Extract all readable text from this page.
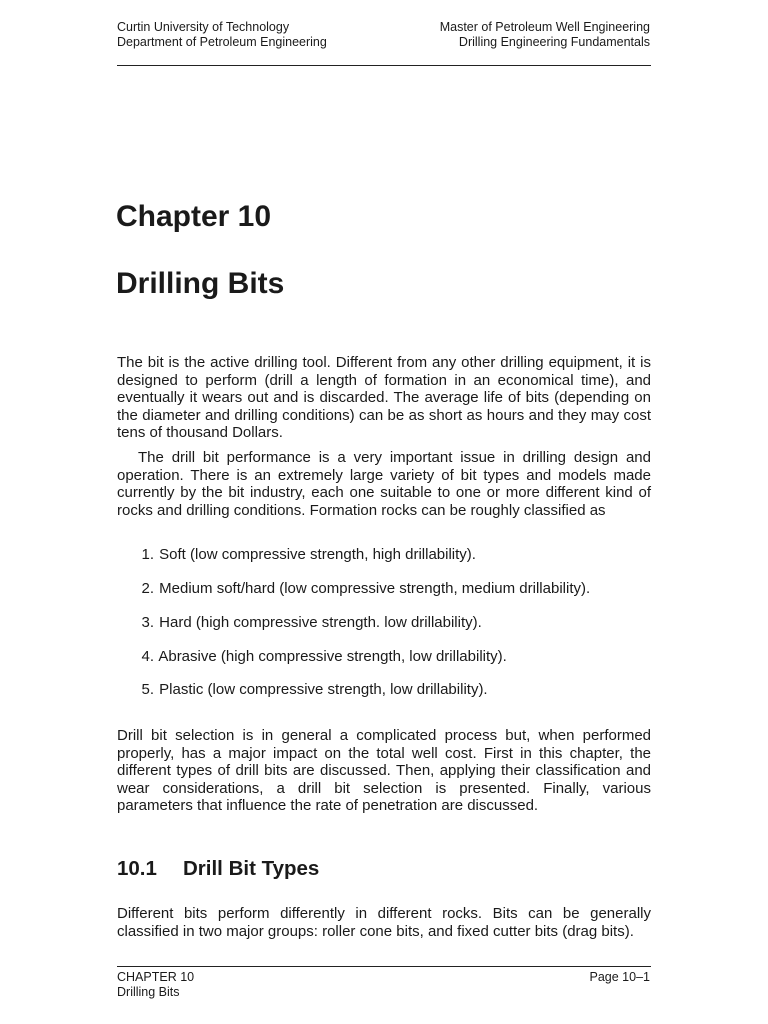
Curtin University of Technology
Department of Petroleum Engineering
Master of Petroleum Well Engineering
Drilling Engineering Fundamentals
Chapter 10
Drilling Bits

The bit is the active drilling tool. Different from any other drilling equipment, it is designed to perform (drill a length of formation in an economical time), and eventually it wears out and is discarded. The average life of bits (depending on the diameter and drilling conditions) can be as short as hours and they may cost tens of thousand Dollars.

The drill bit performance is a very important issue in drilling design and operation. There is an extremely large variety of bit types and models made currently by the bit industry, each one suitable to one or more different kind of rocks and drilling conditions. Formation rocks can be roughly classified as

1. Soft (low compressive strength, high drillability).
2. Medium soft/hard (low compressive strength, medium drillability).
3. Hard (high compressive strength. low drillability).
4. Abrasive (high compressive strength, low drillability).
5. Plastic (low compressive strength, low drillability).

Drill bit selection is in general a complicated process but, when performed properly, has a major impact on the total well cost. First in this chapter, the different types of drill bits are discussed. Then, applying their classification and wear considerations, a drill bit selection is presented. Finally, various parameters that influence the rate of penetration are discussed.

10.1 Drill Bit Types

Different bits perform differently in different rocks. Bits can be generally classified in two major groups: roller cone bits, and fixed cutter bits (drag bits).

CHAPTER 10
Drilling Bits
Page 10–1
